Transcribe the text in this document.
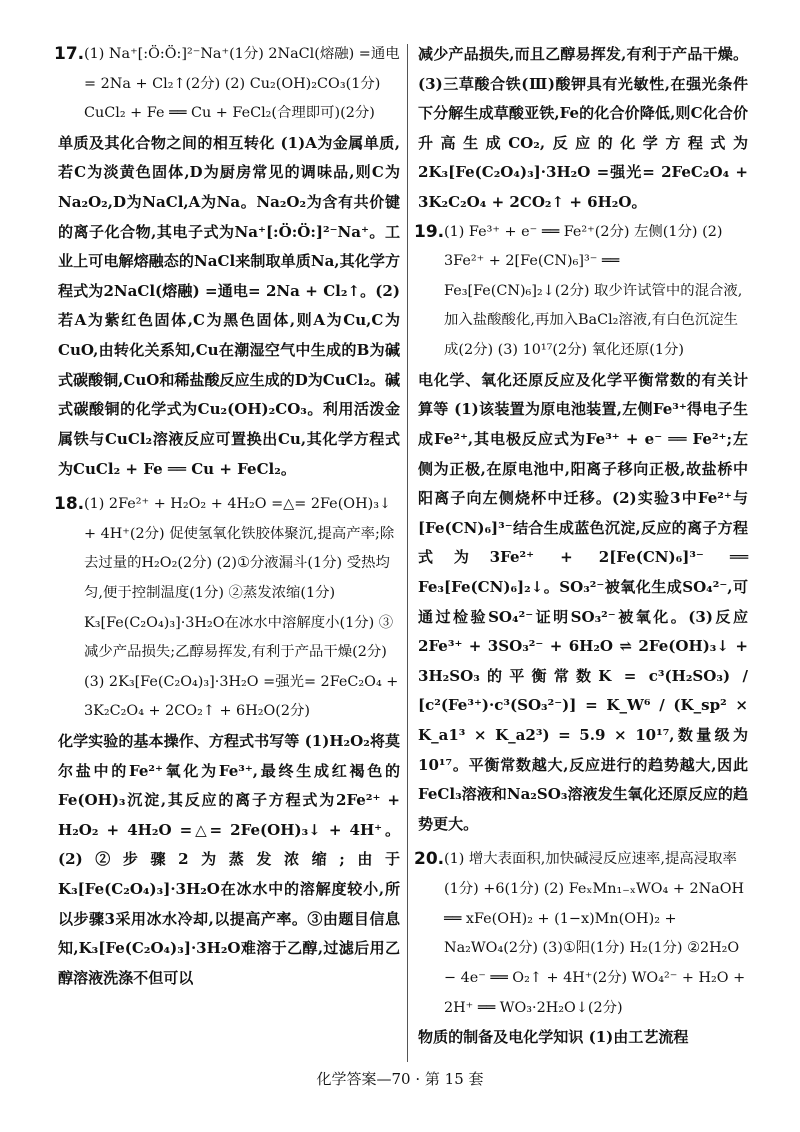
17. (1) Na⁺[:Ö:Ö:]²⁻Na⁺(1分) 2NaCl(熔融) =通电= 2Na + Cl₂↑(2分) (2) Cu₂(OH)₂CO₃(1分) CuCl₂ + Fe ══ Cu + FeCl₂(合理即可)(2分)
单质及其化合物之间的相互转化 (1)A为金属单质,若C为淡黄色固体,D为厨房常见的调味品,则C为Na₂O₂,D为NaCl,A为Na。Na₂O₂为含有共价键的离子化合物,其电子式为Na⁺[:Ö:Ö:]²⁻Na⁺。工业上可电解熔融态的NaCl来制取单质Na,其化学方程式为2NaCl(熔融) =通电= 2Na + Cl₂↑。(2)若A为紫红色固体,C为黑色固体,则A为Cu,C为CuO,由转化关系知,Cu在潮湿空气中生成的B为碱式碳酸铜,CuO和稀盐酸反应生成的D为CuCl₂。碱式碳酸铜的化学式为Cu₂(OH)₂CO₃。利用活泼金属铁与CuCl₂溶液反应可置换出Cu,其化学方程式为CuCl₂ + Fe ══ Cu + FeCl₂。
18. (1) 2Fe²⁺ + H₂O₂ + 4H₂O =△= 2Fe(OH)₃↓ + 4H⁺(2分) 促使氢氧化铁胶体聚沉,提高产率;除去过量的H₂O₂(2分) (2)①分液漏斗(1分) 受热均匀,便于控制温度(1分) ②蒸发浓缩(1分) K₃[Fe(C₂O₄)₃]·3H₂O在冰水中溶解度小(1分) ③减少产品损失;乙醇易挥发,有利于产品干燥(2分) (3) 2K₃[Fe(C₂O₄)₃]·3H₂O =强光= 2FeC₂O₄ + 3K₂C₂O₄ + 2CO₂↑ + 6H₂O(2分)
化学实验的基本操作、方程式书写等 (1)H₂O₂将莫尔盐中的Fe²⁺氧化为Fe³⁺,最终生成红褐色的Fe(OH)₃沉淀,其反应的离子方程式为2Fe²⁺ + H₂O₂ + 4H₂O =△= 2Fe(OH)₃↓ + 4H⁺。(2)②步骤2为蒸发浓缩;由于K₃[Fe(C₂O₄)₃]·3H₂O在冰水中的溶解度较小,所以步骤3采用冰水冷却,以提高产率。③由题目信息知,K₃[Fe(C₂O₄)₃]·3H₂O难溶于乙醇,过滤后用乙醇溶液洗涤不但可以
减少产品损失,而且乙醇易挥发,有利于产品干燥。(3)三草酸合铁(Ⅲ)酸钾具有光敏性,在强光条件下分解生成草酸亚铁,Fe的化合价降低,则C化合价升高生成CO₂,反应的化学方程式为2K₃[Fe(C₂O₄)₃]·3H₂O =强光= 2FeC₂O₄ + 3K₂C₂O₄ + 2CO₂↑ + 6H₂O。
19. (1) Fe³⁺ + e⁻ ══ Fe²⁺(2分) 左侧(1分) (2) 3Fe²⁺ + 2[Fe(CN)₆]³⁻ ══ Fe₃[Fe(CN)₆]₂↓(2分) 取少许试管中的混合液,加入盐酸酸化,再加入BaCl₂溶液,有白色沉淀生成(2分) (3) 10¹⁷(2分) 氧化还原(1分)
电化学、氧化还原反应及化学平衡常数的有关计算等 (1)该装置为原电池装置,左侧Fe³⁺得电子生成Fe²⁺,其电极反应式为Fe³⁺ + e⁻ ══ Fe²⁺;左侧为正极,在原电池中,阳离子移向正极,故盐桥中阳离子向左侧烧杯中迁移。(2)实验3中Fe²⁺与[Fe(CN)₆]³⁻结合生成蓝色沉淀,反应的离子方程式为3Fe²⁺ + 2[Fe(CN)₆]³⁻ ══ Fe₃[Fe(CN)₆]₂↓。SO₃²⁻被氧化生成SO₄²⁻,可通过检验SO₄²⁻证明SO₃²⁻被氧化。(3)反应2Fe³⁺ + 3SO₃²⁻ + 6H₂O ⇌ 2Fe(OH)₃↓ + 3H₂SO₃的平衡常数K = c³(H₂SO₃) / [c²(Fe³⁺)·c³(SO₃²⁻)] = K_W⁶ / (K_sp² × K_a1³ × K_a2³) = 5.9 × 10¹⁷,数量级为10¹⁷。平衡常数越大,反应进行的趋势越大,因此FeCl₃溶液和Na₂SO₃溶液发生氧化还原反应的趋势更大。
20. (1) 增大表面积,加快碱浸反应速率,提高浸取率(1分) +6(1分) (2) FeₓMn₁₋ₓWO₄ + 2NaOH ══ xFe(OH)₂ + (1−x)Mn(OH)₂ + Na₂WO₄(2分) (3)①阳(1分) H₂(1分) ②2H₂O − 4e⁻ ══ O₂↑ + 4H⁺(2分) WO₄²⁻ + H₂O + 2H⁺ ══ WO₃·2H₂O↓(2分)
物质的制备及电化学知识 (1)由工艺流程
化学答案—70 · 第 15 套
